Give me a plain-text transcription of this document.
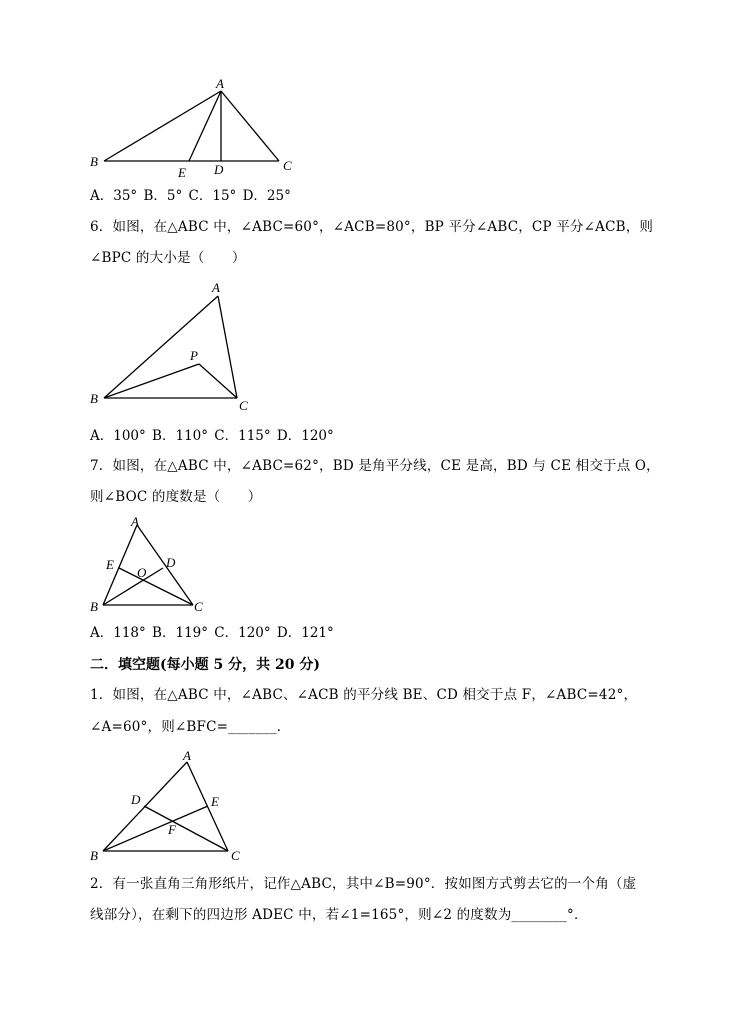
A
B	C
D
E
A．35° B．5° C．15° D．25°
6．如图，在△ABC 中，∠ABC=60°，∠ACB=80°，BP 平分∠ABC，CP 平分∠ACB，则
∠BPC 的大小是（　　）
A
B	C
P
A．100° B．110° C．115° D．120°
7．如图，在△ABC 中，∠ABC=62°，BD 是角平分线，CE 是高，BD 与 CE 相交于点 O，
则∠BOC 的度数是（　　）
A
B	C
D
E
O
A．118° B．119° C．120° D．121°
二．填空题(每小题 5 分，共 20 分)
1．如图，在△ABC 中，∠ABC、∠ACB 的平分线 BE、CD 相交于点 F，∠ABC=42°，
∠A=60°，则∠BFC=_______．
A
B	C
D	E
F
2．有一张直角三角形纸片，记作△ABC，其中∠B=90°．按如图方式剪去它的一个角（虚
线部分），在剩下的四边形 ADEC 中，若∠1=165°，则∠2 的度数为________°．
